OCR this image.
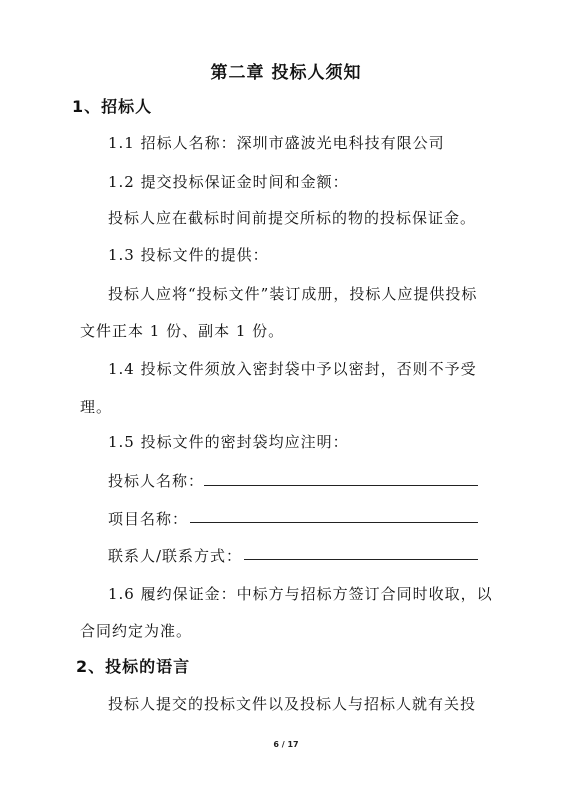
第二章 投标人须知
1、招标人
1.1 招标人名称：深圳市盛波光电科技有限公司
1.2 提交投标保证金时间和金额：
投标人应在截标时间前提交所标的物的投标保证金。
1.3 投标文件的提供：
投标人应将“投标文件”装订成册，投标人应提供投标
文件正本 1 份、副本 1 份。
1.4 投标文件须放入密封袋中予以密封，否则不予受
理。
1.5 投标文件的密封袋均应注明：
投标人名称：
项目名称：
联系人/联系方式：
1.6 履约保证金：中标方与招标方签订合同时收取，以
合同约定为准。
2、投标的语言
投标人提交的投标文件以及投标人与招标人就有关投
6 / 17
